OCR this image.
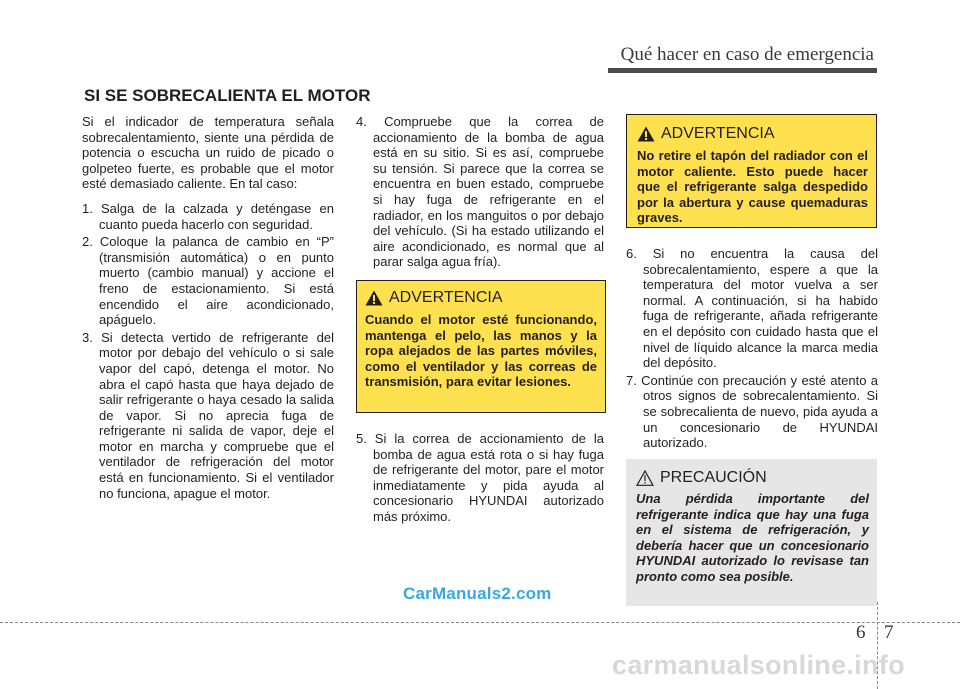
Qué hacer en caso de emergencia
SI SE SOBRECALIENTA EL MOTOR

Si el indicador de temperatura señala sobrecalentamiento, siente una pérdida de potencia o escucha un ruido de picado o golpeteo fuerte, es probable que el motor esté demasiado caliente. En tal caso:

1. Salga de la calzada y deténgase en cuanto pueda hacerlo con seguridad.
2. Coloque la palanca de cambio en “P” (transmisión automática) o en punto muerto (cambio manual) y accione el freno de estacionamiento. Si está encendido el aire acondicionado, apáguelo.
3. Si detecta vertido de refrigerante del motor por debajo del vehículo o si sale vapor del capó, detenga el motor. No abra el capó hasta que haya dejado de salir refrigerante o haya cesado la salida de vapor. Si no aprecia fuga de refrigerante ni salida de vapor, deje el motor en marcha y compruebe que el ventilador de refrigeración del motor está en funcionamiento. Si el ventilador no funciona, apague el motor.
4. Compruebe que la correa de accionamiento de la bomba de agua está en su sitio. Si es así, compruebe su tensión. Si parece que la correa se encuentra en buen estado, compruebe si hay fuga de refrigerante en el radiador, en los manguitos o por debajo del vehículo. (Si ha estado utilizando el aire acondicionado, es normal que al parar salga agua fría).
ADVERTENCIA
Cuando el motor esté funcionando, mantenga el pelo, las manos y la ropa alejados de las partes móviles, como el ventilador y las correas de transmisión, para evitar lesiones.
5. Si la correa de accionamiento de la bomba de agua está rota o si hay fuga de refrigerante del motor, pare el motor inmediatamente y pida ayuda al concesionario HYUNDAI autorizado más próximo.
ADVERTENCIA
No retire el tapón del radiador con el motor caliente. Esto puede hacer que el refrigerante salga despedido por la abertura y cause quemaduras graves.
6. Si no encuentra la causa del sobrecalentamiento, espere a que la temperatura del motor vuelva a ser normal. A continuación, si ha habido fuga de refrigerante, añada refrigerante en el depósito con cuidado hasta que el nivel de líquido alcance la marca media del depósito.
7. Continúe con precaución y esté atento a otros signos de sobrecalentamiento. Si se sobrecalienta de nuevo, pida ayuda a un concesionario de HYUNDAI autorizado.
PRECAUCIÓN
Una pérdida importante del refrigerante indica que hay una fuga en el sistema de refrigeración, y debería hacer que un concesionario HYUNDAI autorizado lo revisase tan pronto como sea posible.
CarManuals2.com
6 7
carmanualsonline.info
